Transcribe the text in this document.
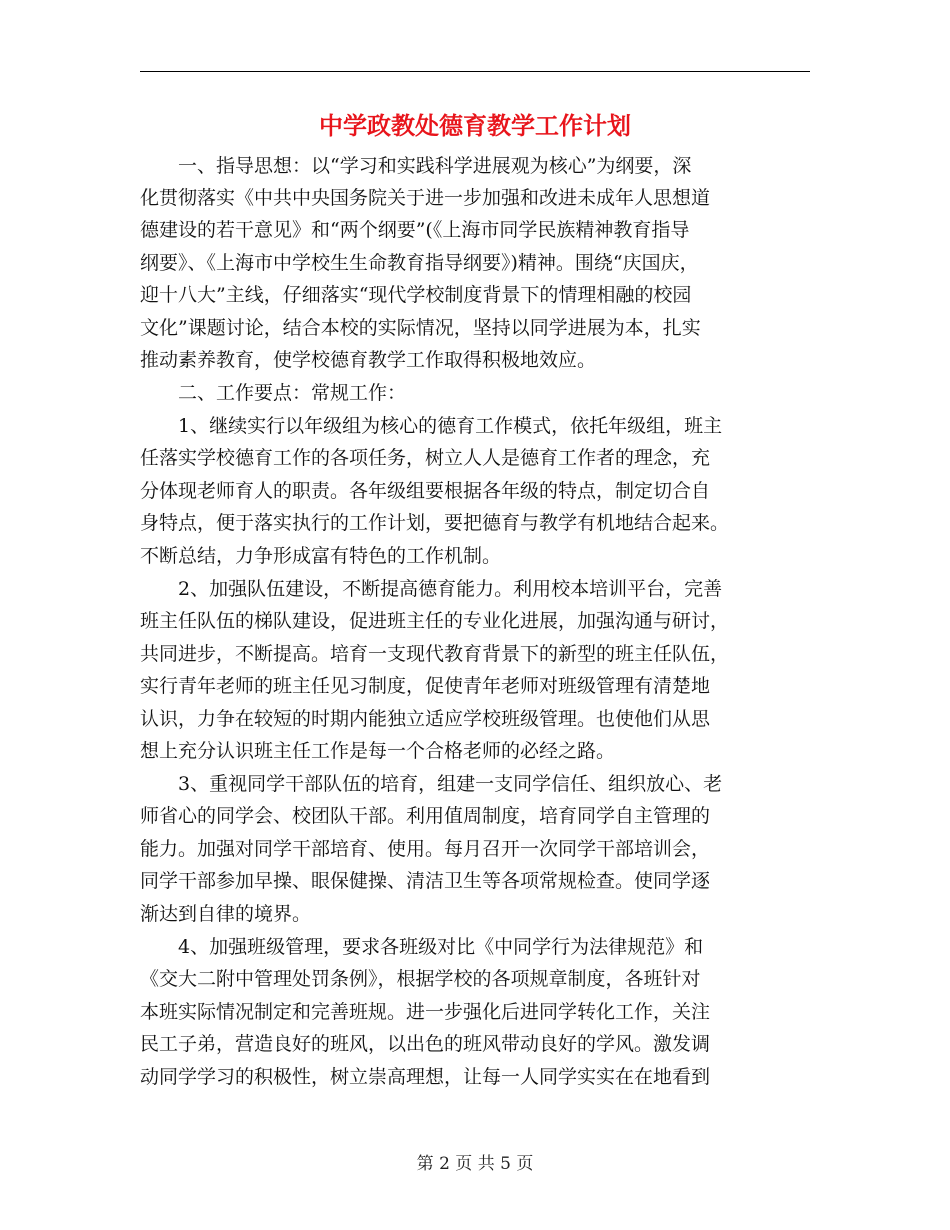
中学政教处德育教学工作计划

　　一、指导思想：以“学习和实践科学进展观为核心”为纲要，深

化贯彻落实《中共中央国务院关于进一步加强和改进未成年人思想道

德建设的若干意见》和“两个纲要”(《上海市同学民族精神教育指导

纲要》、《上海市中学校生生命教育指导纲要》)精神。围绕“庆国庆，

迎十八大”主线，仔细落实“现代学校制度背景下的情理相融的校园

文化”课题讨论，结合本校的实际情况，坚持以同学进展为本，扎实

推动素养教育，使学校德育教学工作取得积极地效应。

　　二、工作要点：常规工作：

　　1、继续实行以年级组为核心的德育工作模式，依托年级组，班主

任落实学校德育工作的各项任务，树立人人是德育工作者的理念，充

分体现老师育人的职责。各年级组要根据各年级的特点，制定切合自

身特点，便于落实执行的工作计划，要把德育与教学有机地结合起来。

不断总结，力争形成富有特色的工作机制。

　　2、加强队伍建设，不断提高德育能力。利用校本培训平台，完善

班主任队伍的梯队建设，促进班主任的专业化进展，加强沟通与研讨，

共同进步，不断提高。培育一支现代教育背景下的新型的班主任队伍，

实行青年老师的班主任见习制度，促使青年老师对班级管理有清楚地

认识，力争在较短的时期内能独立适应学校班级管理。也使他们从思

想上充分认识班主任工作是每一个合格老师的必经之路。

　　3、重视同学干部队伍的培育，组建一支同学信任、组织放心、老

师省心的同学会、校团队干部。利用值周制度，培育同学自主管理的

能力。加强对同学干部培育、使用。每月召开一次同学干部培训会，

同学干部参加早操、眼保健操、清洁卫生等各项常规检查。使同学逐

渐达到自律的境界。

　　4、加强班级管理，要求各班级对比《中同学行为法律规范》和

《交大二附中管理处罚条例》，根据学校的各项规章制度，各班针对

本班实际情况制定和完善班规。进一步强化后进同学转化工作，关注

民工子弟，营造良好的班风，以出色的班风带动良好的学风。激发调

动同学学习的积极性，树立崇高理想，让每一人同学实实在在地看到

第 2 页 共 5 页
